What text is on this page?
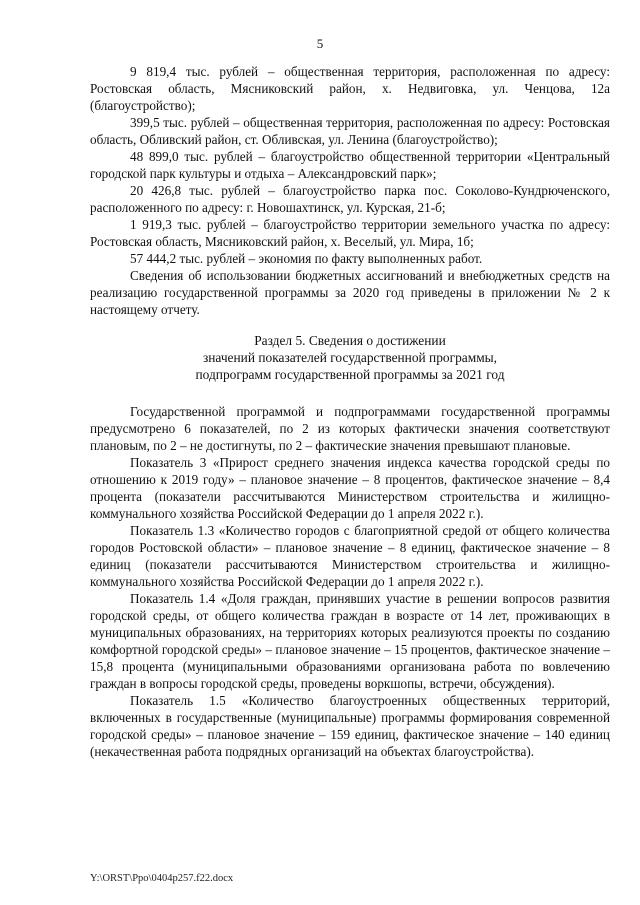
5

9 819,4 тыс. рублей – общественная территория, расположенная по адресу: Ростовская область, Мясниковский район, х. Недвиговка, ул. Ченцова, 12а (благоустройство);

399,5 тыс. рублей – общественная территория, расположенная по адресу: Ростовская область, Обливский район, ст. Обливская, ул. Ленина (благоустройство);

48 899,0 тыс. рублей – благоустройство общественной территории «Центральный городской парк культуры и отдыха – Александровский парк»;

20 426,8 тыс. рублей – благоустройство парка пос. Соколово-Кундрюченского, расположенного по адресу: г. Новошахтинск, ул. Курская, 21-б;

1 919,3 тыс. рублей – благоустройство территории земельного участка по адресу: Ростовская область, Мясниковский район, х. Веселый, ул. Мира, 1б;

57 444,2 тыс. рублей – экономия по факту выполненных работ.

Сведения об использовании бюджетных ассигнований и внебюджетных средств на реализацию государственной программы за 2020 год приведены в приложении № 2 к настоящему отчету.

Раздел 5. Сведения о достижении
значений показателей государственной программы,
подпрограмм государственной программы за 2021 год

Государственной программой и подпрограммами государственной программы предусмотрено 6 показателей, по 2 из которых фактически значения соответствуют плановым, по 2 – не достигнуты, по 2 – фактические значения превышают плановые.

Показатель 3 «Прирост среднего значения индекса качества городской среды по отношению к 2019 году» – плановое значение – 8 процентов, фактическое значение – 8,4 процента (показатели рассчитываются Министерством строительства и жилищно-коммунального хозяйства Российской Федерации до 1 апреля 2022 г.).

Показатель 1.3 «Количество городов с благоприятной средой от общего количества городов Ростовской области» – плановое значение – 8 единиц, фактическое значение – 8 единиц (показатели рассчитываются Министерством строительства и жилищно-коммунального хозяйства Российской Федерации до 1 апреля 2022 г.).

Показатель 1.4 «Доля граждан, принявших участие в решении вопросов развития городской среды, от общего количества граждан в возрасте от 14 лет, проживающих в муниципальных образованиях, на территориях которых реализуются проекты по созданию комфортной городской среды» – плановое значение – 15 процентов, фактическое значение – 15,8 процента (муниципальными образованиями организована работа по вовлечению граждан в вопросы городской среды, проведены воркшопы, встречи, обсуждения).

Показатель 1.5 «Количество благоустроенных общественных территорий, включенных в государственные (муниципальные) программы формирования современной городской среды» – плановое значение – 159 единиц, фактическое значение – 140 единиц (некачественная работа подрядных организаций на объектах благоустройства).

Y:\ORST\Ppo\0404p257.f22.docx
